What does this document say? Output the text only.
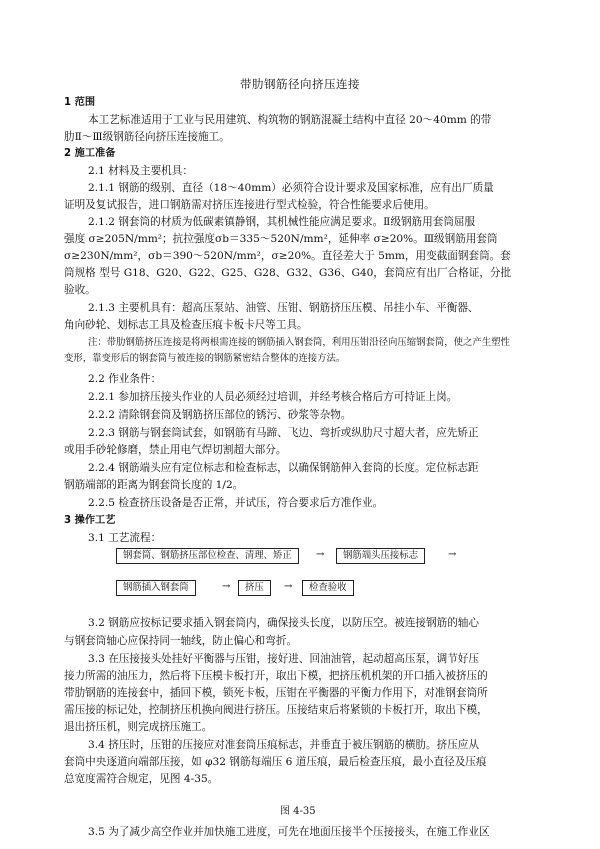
带肋钢筋径向挤压连接
1 范围
本工艺标准适用于工业与民用建筑、构筑物的钢筋混凝土结构中直径 20～40mm 的带
肋Ⅱ～Ⅲ级钢筋径向挤压连接施工。
2 施工准备
2.1 材料及主要机具：
2.1.1 钢筋的级别、直径（18～40mm）必须符合设计要求及国家标准，应有出厂质量
证明及复试报告，进口钢筋需对挤压连接进行型式检验，符合性能要求后使用。
2.1.2 钢套筒的材质为低碳素镇静钢，其机械性能应满足要求。Ⅱ级钢筋用套筒屈服
强度 σ≥205N/mm²；抗拉强度σb＝335～520N/mm²，延伸率 σ≥20%。Ⅲ级钢筋用套筒
σ≥230N/mm²，σb＝390～520N/mm²，σ≥20%。直径差大于 5mm，用变截面钢套筒。套
筒规格 型号 G18、G20、G22、G25、G28、G32、G36、G40，套筒应有出厂合格证，分批
验收。
2.1.3 主要机具有：超高压泵站、油管、压钳、钢筋挤压压模、吊挂小车、平衡器、
角向砂轮、划标志工具及检查压痕卡板卡尺等工具。
注：带肋钢筋挤压连接是将两根需连接的钢筋插入钢套筒，利用压钳沿径向压缩钢套筒，使之产生塑性
变形，靠变形后的钢套筒与被连接的钢筋紧密结合整体的连接方法。
2.2 作业条件：
2.2.1 参加挤压接头作业的人员必须经过培训，并经考核合格后方可持证上岗。
2.2.2 清除钢套筒及钢筋挤压部位的锈污、砂浆等杂物。
2.2.3 钢筋与钢套筒试套，如钢筋有马蹄、飞边、弯折或纵肋尺寸超大者，应先矫正
或用手砂轮修磨，禁止用电气焊切割超大部分。
2.2.4 钢筋端头应有定位标志和检查标志，以确保钢筋伸入套筒的长度。定位标志距
钢筋端部的距离为钢套筒长度的 1/2。
2.2.5 检查挤压设备是否正常，并试压，符合要求后方准作业。
3 操作工艺
3.1 工艺流程：
钢套筒、钢筋挤压部位检查、清理、矫正	→	钢筋端头压接标志	→
钢筋插入钢套筒	→	挤压	→	检查验收
3.2 钢筋应按标记要求插入钢套筒内，确保接头长度，以防压空。被连接钢筋的轴心
与钢套筒轴心应保持同一轴线，防止偏心和弯折。
3.3 在压接接头处挂好平衡器与压钳，接好进、回油油管，起动超高压泵，调节好压
接力所需的油压力，然后将下压模卡板打开，取出下模，把挤压机机架的开口插入被挤压的
带肋钢筋的连接套中，插回下模，锁死卡板，压钳在平衡器的平衡力作用下，对准钢套筒所
需压接的标记处，控制挤压机换向阀进行挤压。压接结束后将紧锁的卡板打开，取出下模，
退出挤压机，则完成挤压施工。
3.4 挤压时，压钳的压接应对准套筒压痕标志，并垂直于被压钢筋的横肋。挤压应从
套筒中央逐道向端部压接，如 φ32 钢筋每端压 6 道压痕，最后检查压痕，最小直径及压痕
总宽度需符合规定，见图 4-35。
图 4-35
3.5 为了减少高空作业并加快施工进度，可先在地面压接半个压接接头，在施工作业区
